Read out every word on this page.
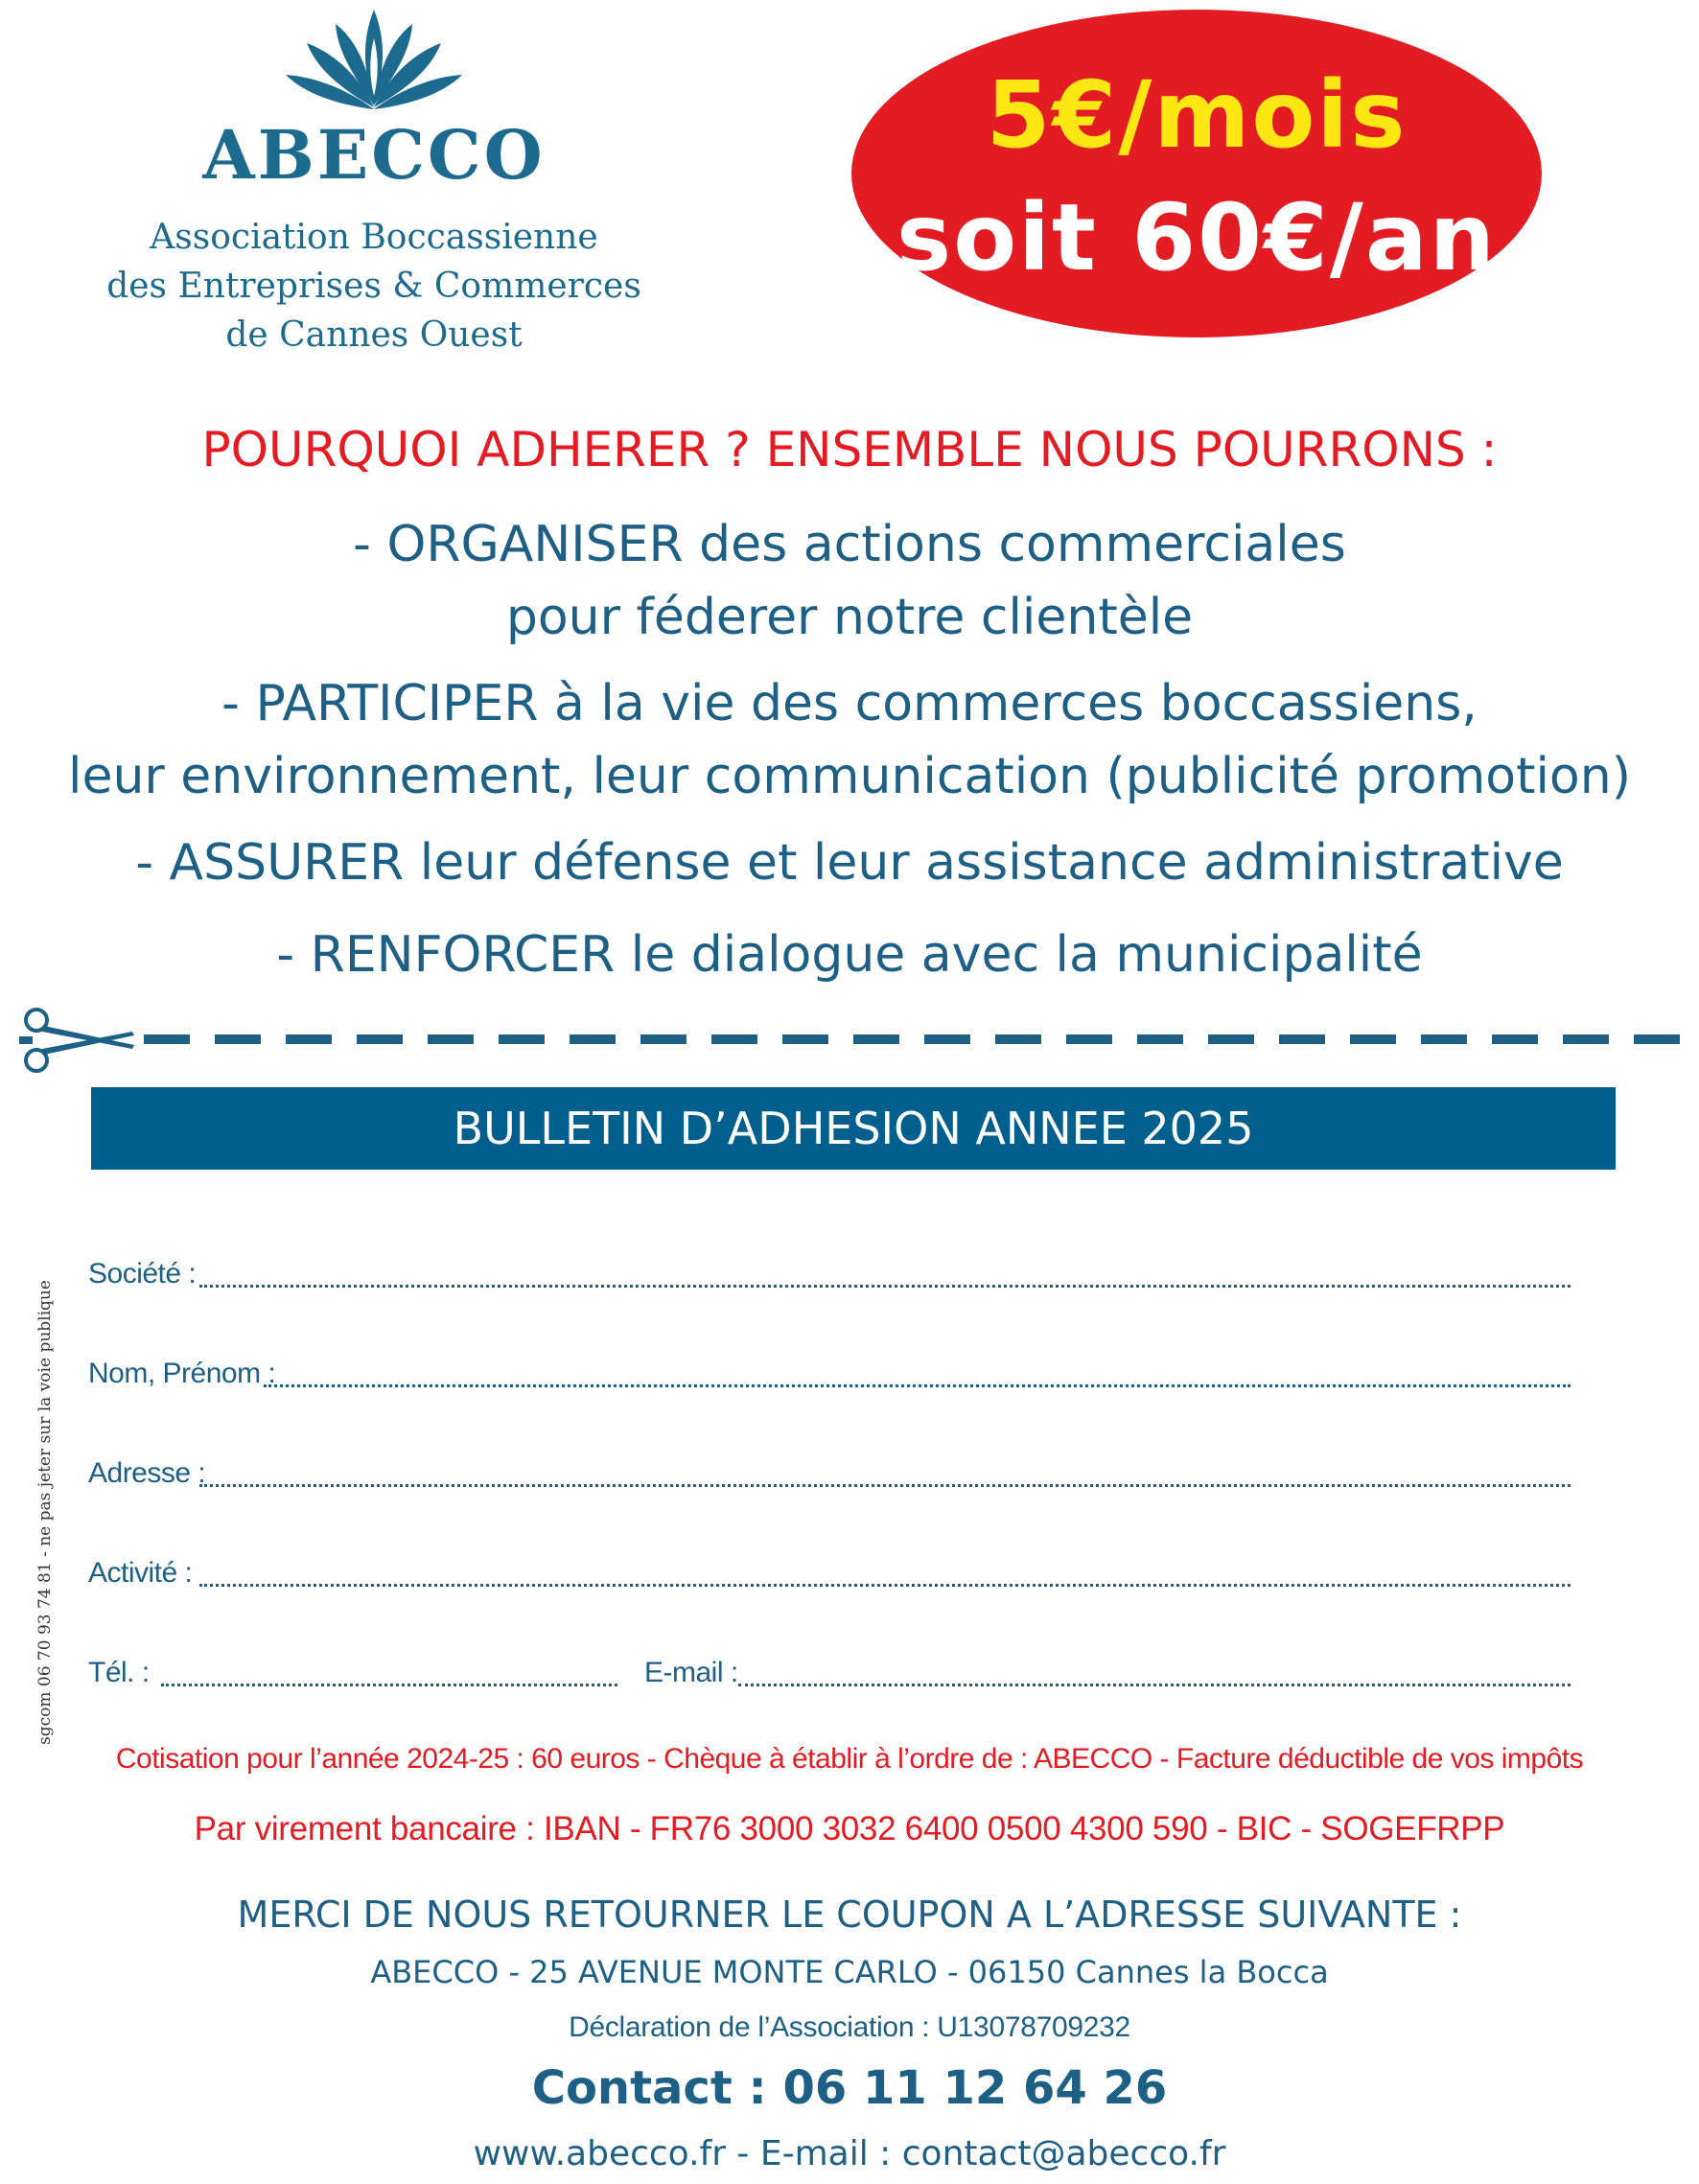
ABECCO
Association Boccassienne
des Entreprises & Commerces
de Cannes Ouest
5€/mois
soit 60€/an
POURQUOI ADHERER ? ENSEMBLE NOUS POURRONS :
- ORGANISER des actions commerciales
pour féderer notre clientèle
- PARTICIPER à la vie des commerces boccassiens,
leur environnement, leur communication (publicité promotion)
- ASSURER leur défense et leur assistance administrative
- RENFORCER le dialogue avec la municipalité
BULLETIN D’ADHESION ANNEE 2025
Société :
Nom, Prénom :
Adresse :
Activité :
Tél. :	E-mail :
Cotisation pour l’année 2024-25 : 60 euros - Chèque à établir à l’ordre de : ABECCO - Facture déductible de vos impôts
Par virement bancaire : IBAN - FR76 3000 3032 6400 0500 4300 590 - BIC - SOGEFRPP
MERCI DE NOUS RETOURNER LE COUPON A L’ADRESSE SUIVANTE :
ABECCO - 25 AVENUE MONTE CARLO - 06150 Cannes la Bocca
Déclaration de l’Association : U13078709232
Contact : 06 11 12 64 26
www.abecco.fr - E-mail : contact@abecco.fr
sgcom 06 70 93 74 81 - ne pas jeter sur la voie publique
